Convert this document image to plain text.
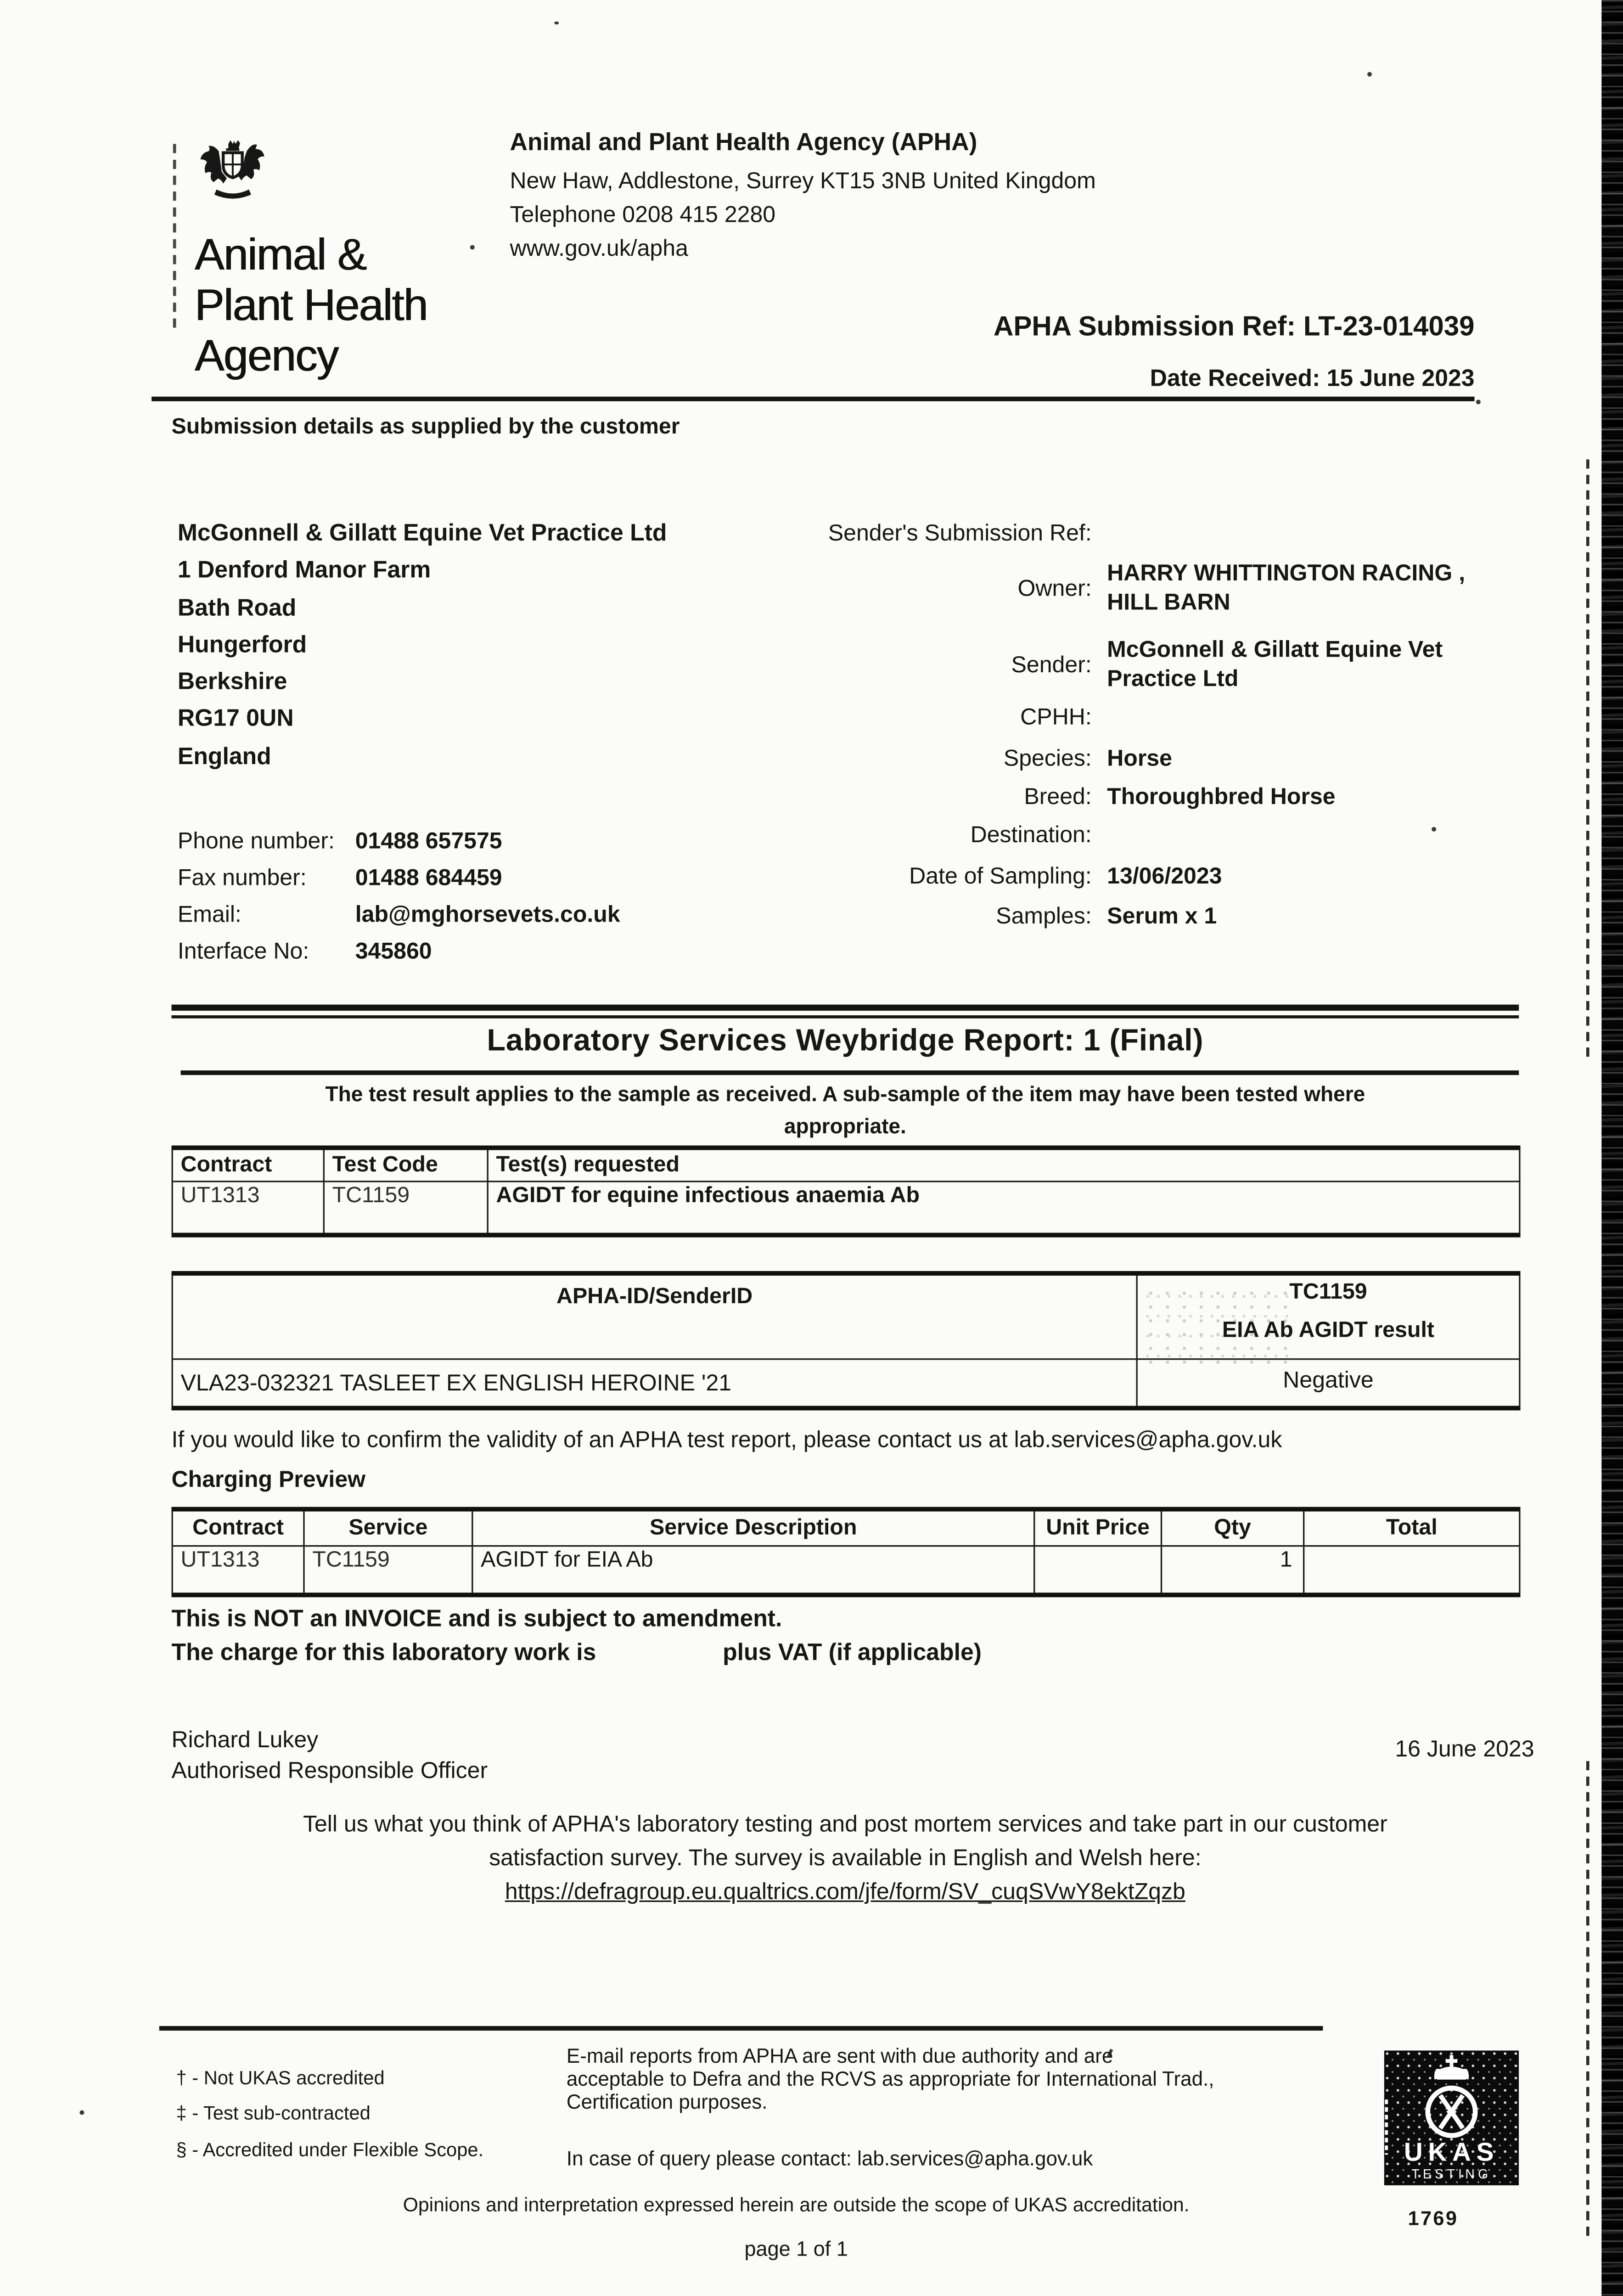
Animal &
Plant Health
Agency
Animal and Plant Health Agency (APHA)
New Haw, Addlestone, Surrey KT15 3NB United Kingdom
Telephone 0208 415 2280
www.gov.uk/apha
APHA Submission Ref: LT-23-014039
Date Received: 15 June 2023
Submission details as supplied by the customer
McGonnell & Gillatt Equine Vet Practice Ltd
1 Denford Manor Farm
Bath Road
Hungerford
Berkshire
RG17 0UN
England
Phone number:	01488 657575
Fax number:	01488 684459
Email:	lab@mghorsevets.co.uk
Interface No:	345860
Sender's Submission Ref:
Owner:
HARRY WHITTINGTON RACING ,
HILL BARN
Sender:
McGonnell & Gillatt Equine Vet
Practice Ltd
CPHH:
Species:	Horse
Breed:	Thoroughbred Horse
Destination:
Date of Sampling:	13/06/2023
Samples:	Serum x 1
Laboratory Services Weybridge Report: 1 (Final)
The test result applies to the sample as received. A sub-sample of the item may have been tested where
appropriate.
Contract	Test Code	Test(s) requested
UT1313	TC1159	AGIDT for equine infectious anaemia Ab
APHA-ID/SenderID	TC1159
EIA Ab AGIDT result

VLA23-032321 TASLEET EX ENGLISH HEROINE '21	Negative
If you would like to confirm the validity of an APHA test report, please contact us at lab.services@apha.gov.uk
Charging Preview
Contract	Service	Service Description	Unit Price	Qty	Total
UT1313	TC1159	AGIDT for EIA Ab		1	
This is NOT an INVOICE and is subject to amendment.
The charge for this laboratory work is	plus VAT (if applicable)
Richard Lukey
Authorised Responsible Officer
16 June 2023
Tell us what you think of APHA's laboratory testing and post mortem services and take part in our customer
satisfaction survey. The survey is available in English and Welsh here:
https://defragroup.eu.qualtrics.com/jfe/form/SV_cuqSVwY8ektZqzb
† - Not UKAS accredited
‡ - Test sub-contracted
§ - Accredited under Flexible Scope.
E-mail reports from APHA are sent with due authority and are
acceptable to Defra and the RCVS as appropriate for International Trad.,
Certification purposes.
In case of query please contact: lab.services@apha.gov.uk
Opinions and interpretation expressed herein are outside the scope of UKAS accreditation.
page 1 of 1
UKAS
TESTING
1769
